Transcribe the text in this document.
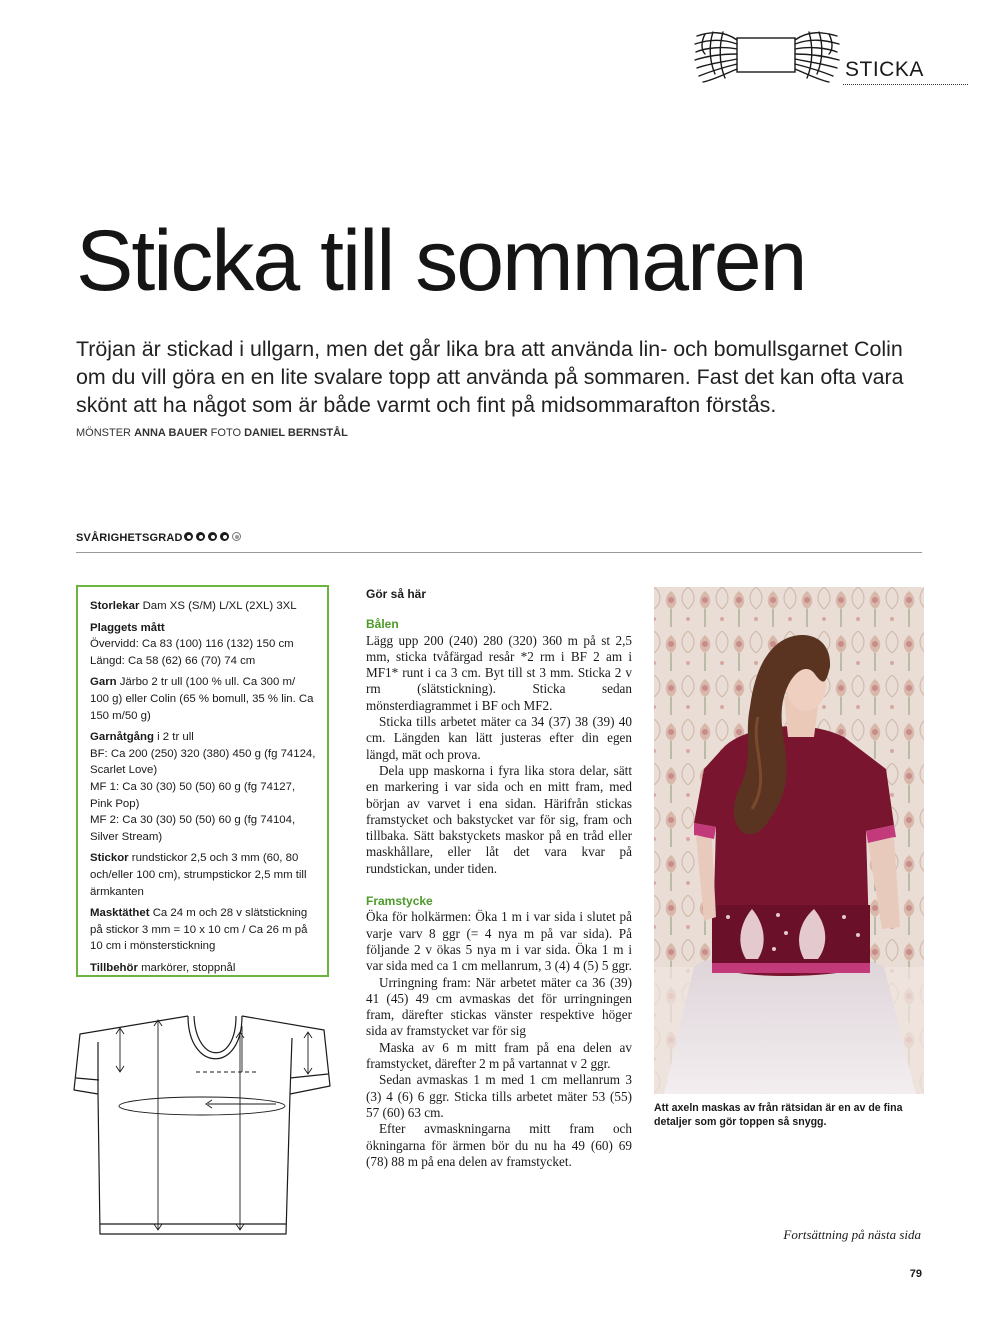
STICKA
Sticka till sommaren
Tröjan är stickad i ullgarn, men det går lika bra att använda lin- och bomullsgarnet Colin om du vill göra en en lite svalare topp att använda på sommaren. Fast det kan ofta vara skönt att ha något som är både varmt och fint på midsommarafton förstås.
MÖNSTER ANNA BAUER FOTO DANIEL BERNSTÅL
SVÅRIGHETSGRAD
Storlekar Dam XS (S/M) L/XL (2XL) 3XL
Plaggets mått
Övervidd: Ca 83 (100) 116 (132) 150 cm
Längd: Ca 58 (62) 66 (70) 74 cm
Garn Järbo 2 tr ull (100 % ull. Ca 300 m/ 100 g) eller Colin (65 % bomull, 35 % lin. Ca 150 m/50 g)
Garnåtgång i 2 tr ull
BF: Ca 200 (250) 320 (380) 450 g (fg 74124, Scarlet Love)
MF 1: Ca 30 (30) 50 (50) 60 g (fg 74127, Pink Pop)
MF 2: Ca 30 (30) 50 (50) 60 g (fg 74104, Silver Stream)
Stickor rundstickor 2,5 och 3 mm (60, 80 och/eller 100 cm), strumpstickor 2,5 mm till ärmkanten
Masktäthet Ca 24 m och 28 v slätstickning på stickor 3 mm = 10 x 10 cm / Ca 26 m på 10 cm i mönsterstickning
Tillbehör markörer, stoppnål
Gör så här
Bålen

Lägg upp 200 (240) 280 (320) 360 m på st 2,5 mm, sticka tvåfärgad resår *2 rm i BF 2 am i MF1* runt i ca 3 cm. Byt till st 3 mm. Sticka 2 v rm (slätstickning). Sticka sedan mönsterdiagrammet i BF och MF2.

Sticka tills arbetet mäter ca 34 (37) 38 (39) 40 cm. Längden kan lätt justeras efter din egen längd, mät och prova.

Dela upp maskorna i fyra lika stora delar, sätt en markering i var sida och en mitt fram, med början av varvet i ena sidan. Härifrån stickas framstycket och bakstycket var för sig, fram och tillbaka. Sätt bakstyckets maskor på en tråd eller maskhållare, eller låt det vara kvar på rundstickan, under tiden.

Framstycke

Öka för holkärmen: Öka 1 m i var sida i slutet på varje varv 8 ggr (= 4 nya m på var sida). På följande 2 v ökas 5 nya m i var sida. Öka 1 m i var sida med ca 1 cm mellanrum, 3 (4) 4 (5) 5 ggr.

Urringning fram: När arbetet mäter ca 36 (39) 41 (45) 49 cm avmaskas det för urringningen fram, därefter stickas vänster respektive höger sida av framstycket var för sig

Maska av 6 m mitt fram på ena delen av framstycket, därefter 2 m på vartannat v 2 ggr.

Sedan avmaskas 1 m med 1 cm mellanrum 3 (3) 4 (6) 6 ggr. Sticka tills arbetet mäter 53 (55) 57 (60) 63 cm.

Efter avmaskningarna mitt fram och ökningarna för ärmen bör du nu ha 49 (60) 69 (78) 88 m på ena delen av framstycket.

Att axeln maskas av från rätsidan är en av de fina detaljer som gör toppen så snygg.
Fortsättning på nästa sida
79
